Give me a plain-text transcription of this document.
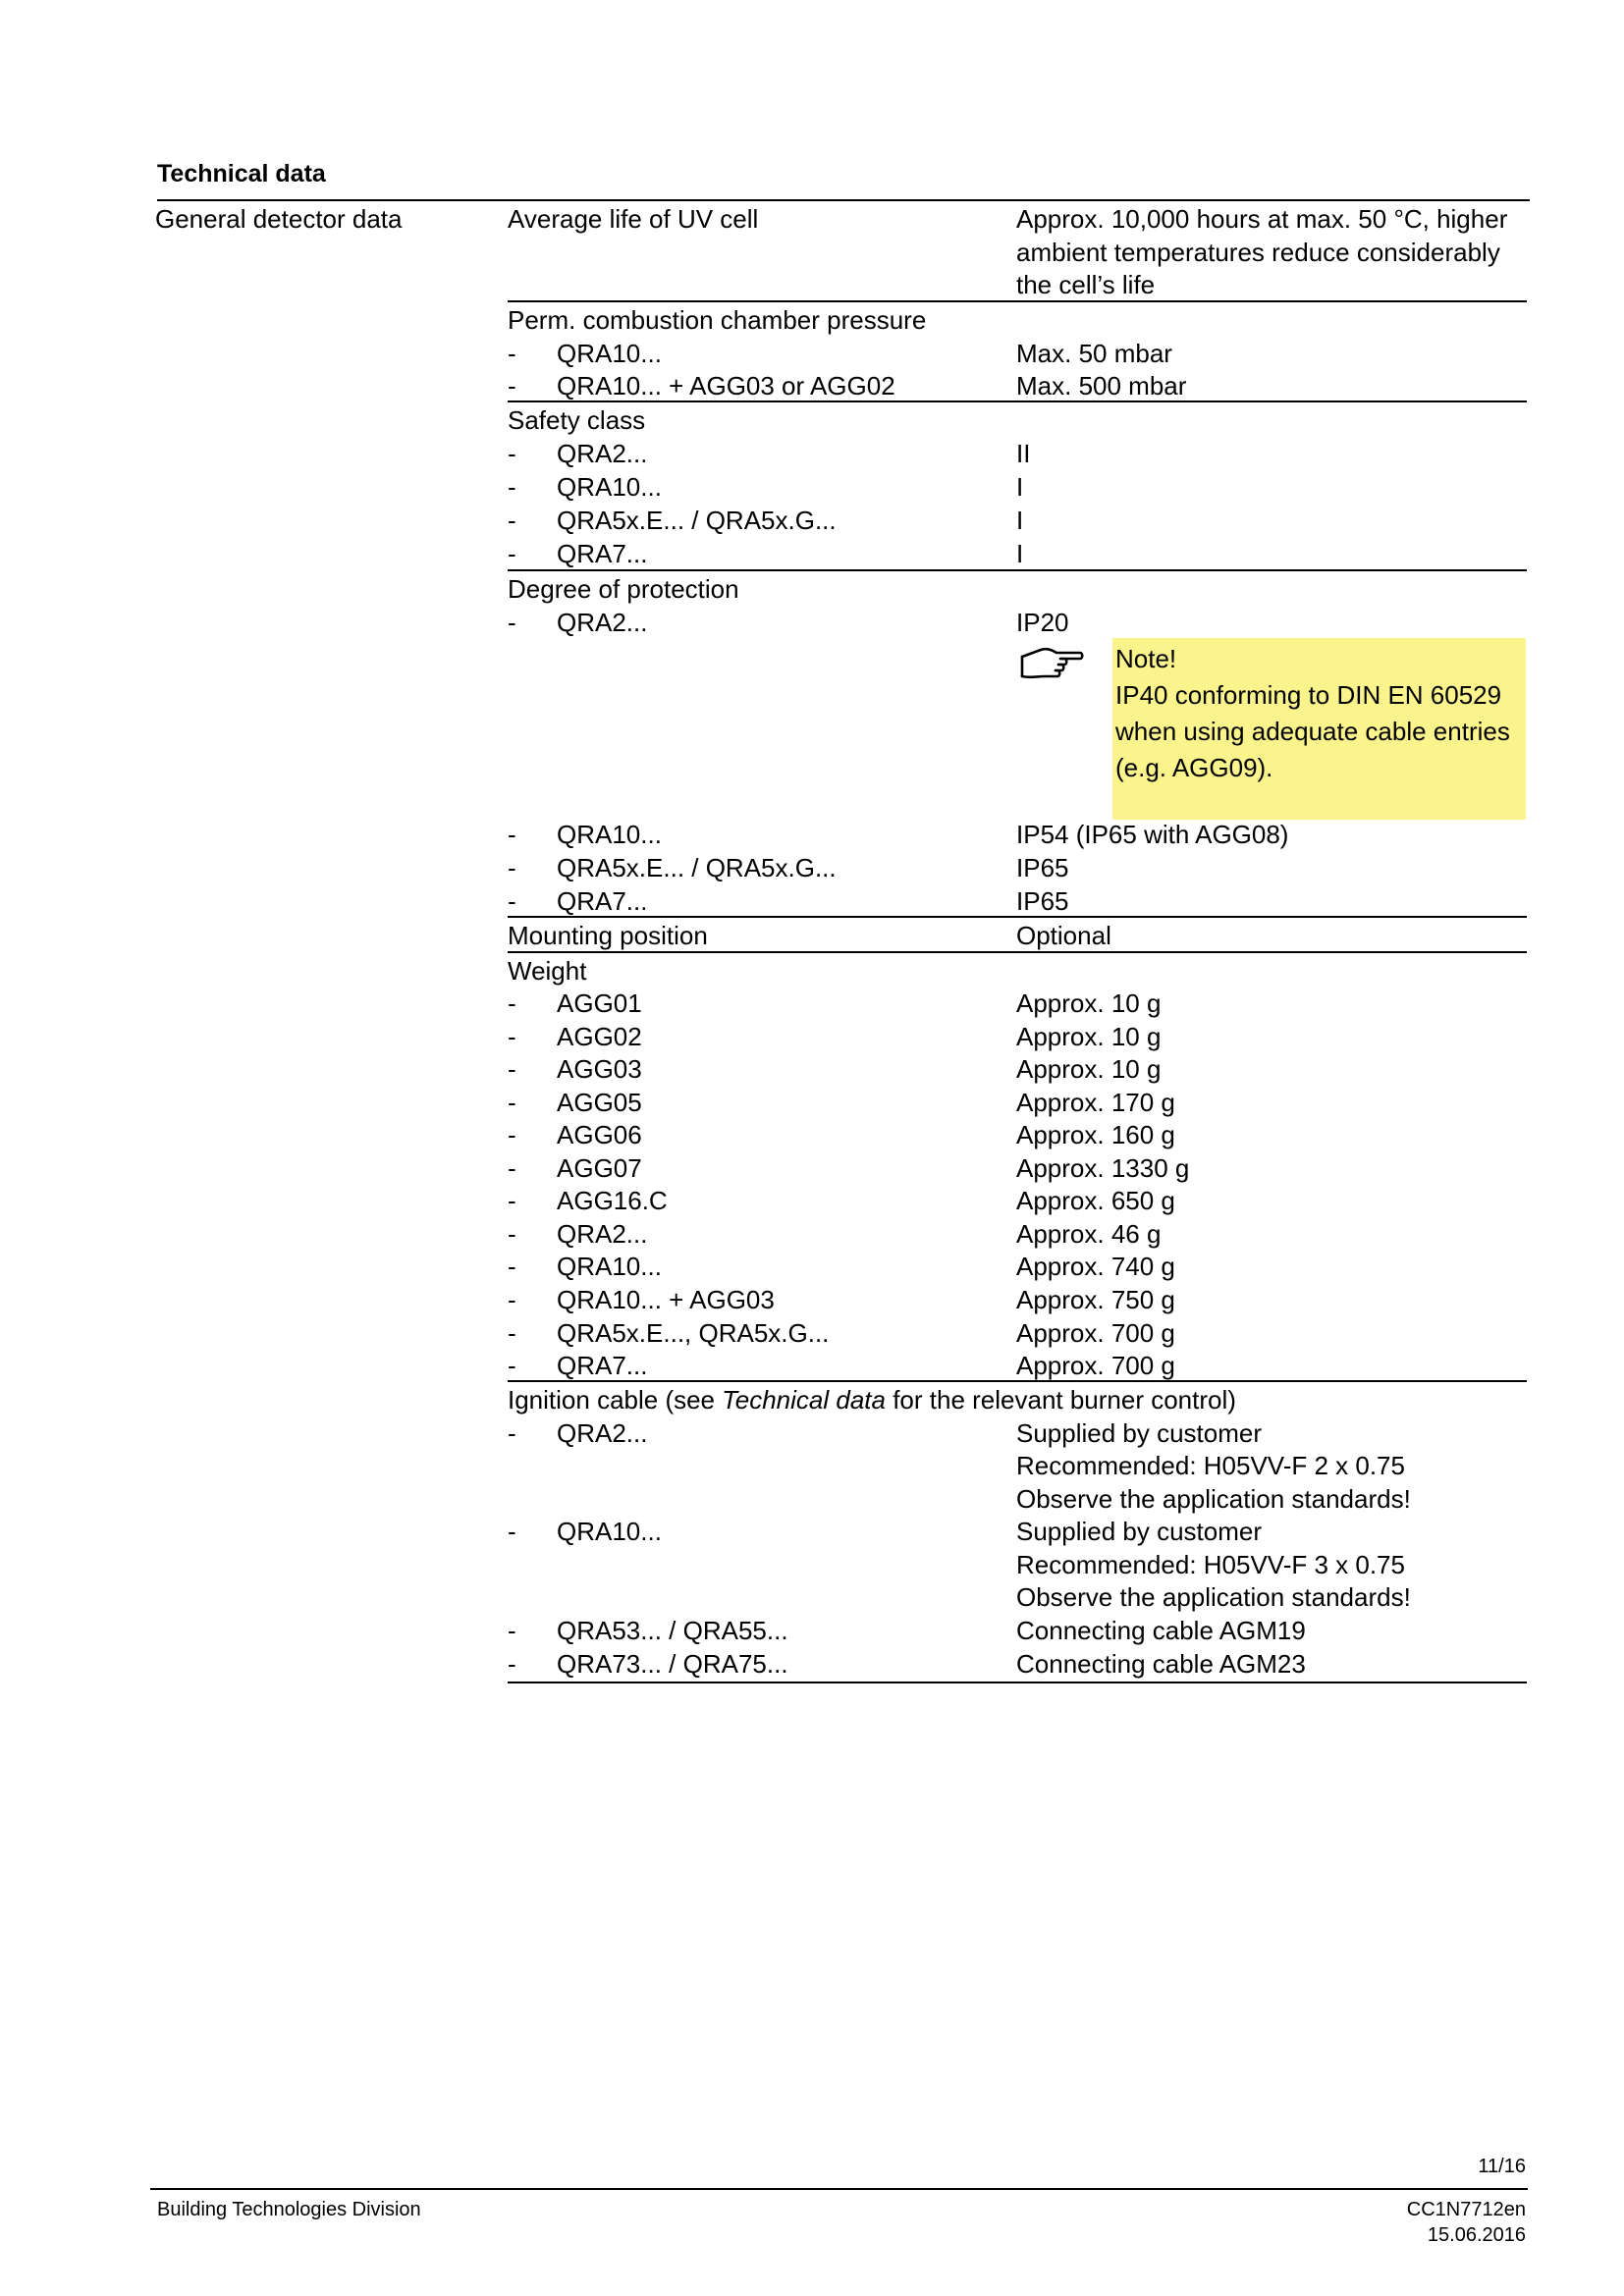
Technical data
General detector data	Average life of UV cell	Approx. 10,000 hours at max. 50 °C, higher
ambient temperatures reduce considerably
the cell’s life
Perm. combustion chamber pressure
- QRA10...	Max. 50 mbar
- QRA10... + AGG03 or AGG02	Max. 500 mbar
Safety class
- QRA2...	II
- QRA10...	I
- QRA5x.E... / QRA5x.G...	I
- QRA7...	I
Degree of protection
- QRA2...	IP20
Note!
IP40 conforming to DIN EN 60529
when using adequate cable entries
(e.g. AGG09).
- QRA10...	IP54 (IP65 with AGG08)
- QRA5x.E... / QRA5x.G...	IP65
- QRA7...	IP65
Mounting position	Optional
Weight
- AGG01	Approx. 10 g
- AGG02	Approx. 10 g
- AGG03	Approx. 10 g
- AGG05	Approx. 170 g
- AGG06	Approx. 160 g
- AGG07	Approx. 1330 g
- AGG16.C	Approx. 650 g
- QRA2...	Approx. 46 g
- QRA10...	Approx. 740 g
- QRA10... + AGG03	Approx. 750 g
- QRA5x.E..., QRA5x.G...	Approx. 700 g
- QRA7...	Approx. 700 g
Ignition cable (see Technical data for the relevant burner control)
- QRA2...	Supplied by customer
Recommended: H05VV-F 2 x 0.75
Observe the application standards!
- QRA10...	Supplied by customer
Recommended: H05VV-F 3 x 0.75
Observe the application standards!
- QRA53... / QRA55...	Connecting cable AGM19
- QRA73... / QRA75...	Connecting cable AGM23
11/16
Building Technologies Division	CC1N7712en
15.06.2016
